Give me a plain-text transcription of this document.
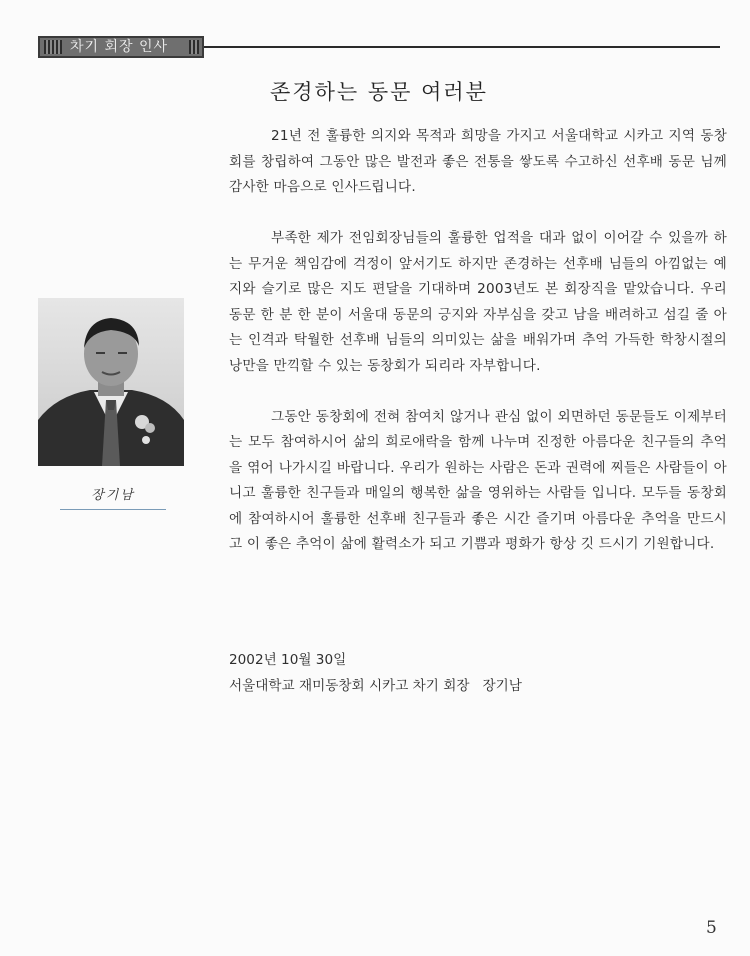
차기 회장 인사
존경하는 동문 여러분

21년 전 훌륭한 의지와 목적과 희망을 가지고 서울대학교 시카고 지역 동창회를 창립하여 그동안 많은 발전과 좋은 전통을 쌓도록 수고하신 선후배 동문 님께 감사한 마음으로 인사드립니다.

부족한 제가 전임회장님들의 훌륭한 업적을 대과 없이 이어갈 수 있을까 하는 무거운 책임감에 걱정이 앞서기도 하지만 존경하는 선후배 님들의 아낌없는 예지와 슬기로 많은 지도 편달을 기대하며 2003년도 본 회장직을 맡았습니다. 우리 동문 한 분 한 분이 서울대 동문의 긍지와 자부심을 갖고 남을 배려하고 섬길 줄 아는 인격과 탁월한 선후배 님들의 의미있는 삶을 배워가며 추억 가득한 학창시절의 낭만을 만끽할 수 있는 동창회가 되리라 자부합니다.

그동안 동창회에 전혀 참여치 않거나 관심 없이 외면하던 동문들도 이제부터는 모두 참여하시어 삶의 희로애락을 함께 나누며 진정한 아름다운 친구들의 추억을 엮어 나가시길 바랍니다. 우리가 원하는 사람은 돈과 권력에 찌들은 사람들이 아니고 훌륭한 친구들과 매일의 행복한 삶을 영위하는 사람들 입니다. 모두들 동창회에 참여하시어 훌륭한 선후배 친구들과 좋은 시간 즐기며 아름다운 추억을 만드시고 이 좋은 추억이 삶에 활력소가 되고 기쁨과 평화가 항상 깃 드시기 기원합니다.

2002년 10월 30일
서울대학교 재미동창회 시카고 차기 회장   장기남
장기남
5
